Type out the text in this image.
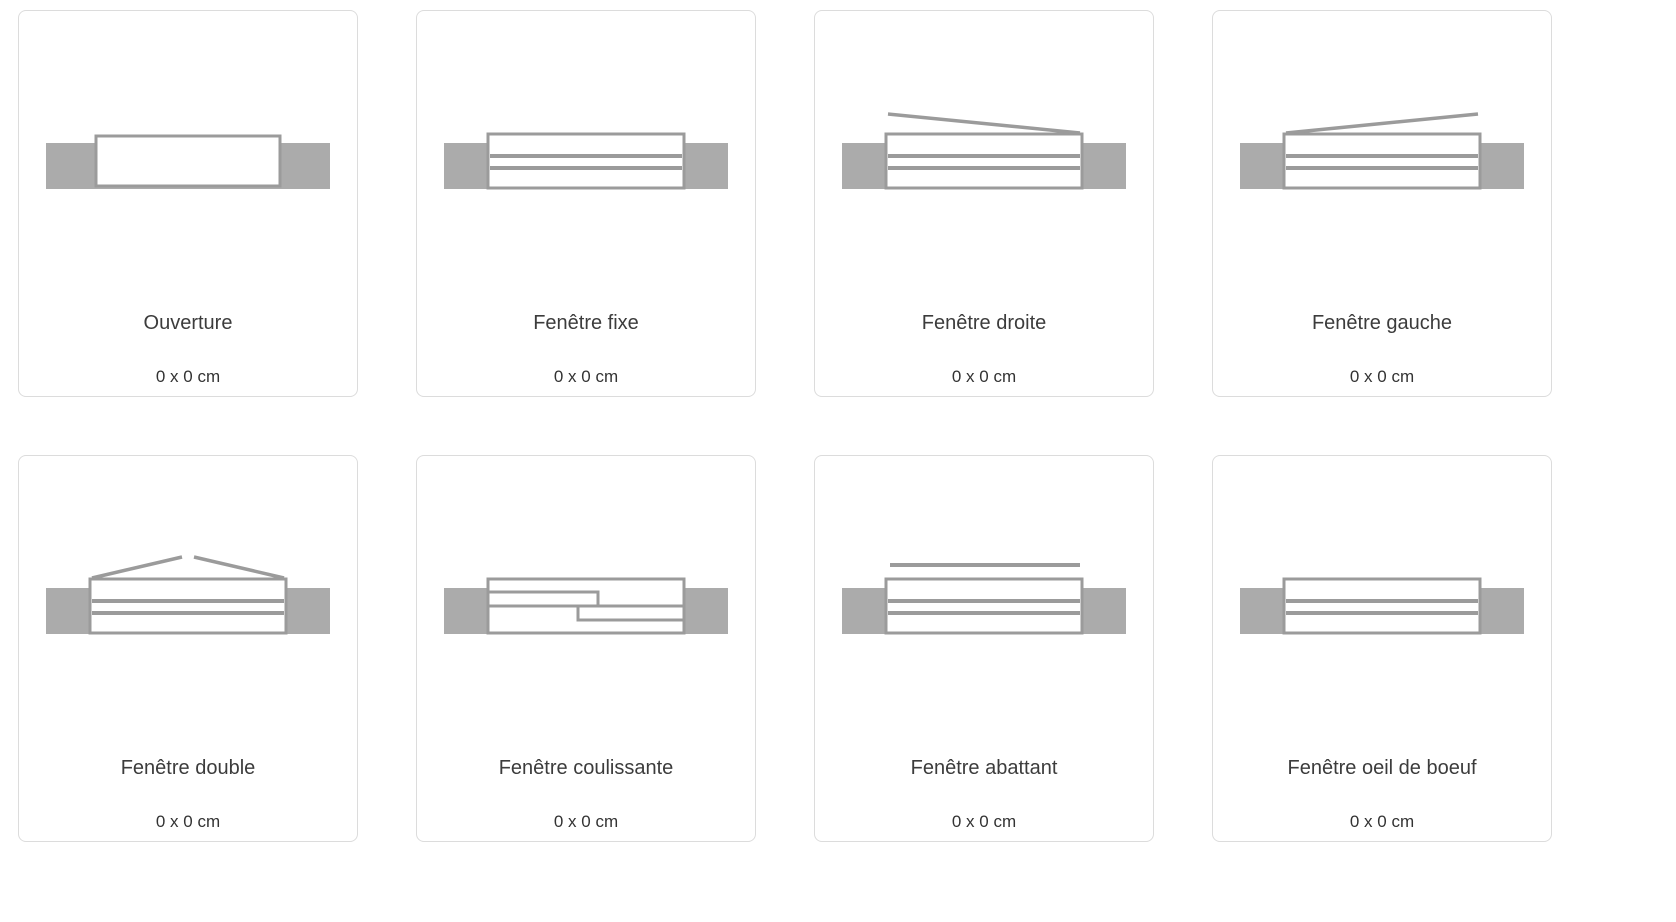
Ouverture
0 x 0 cm
Fenêtre fixe
0 x 0 cm
Fenêtre droite
0 x 0 cm
Fenêtre gauche
0 x 0 cm
Fenêtre double
0 x 0 cm
Fenêtre coulissante
0 x 0 cm
Fenêtre abattant
0 x 0 cm
Fenêtre oeil de boeuf
0 x 0 cm
